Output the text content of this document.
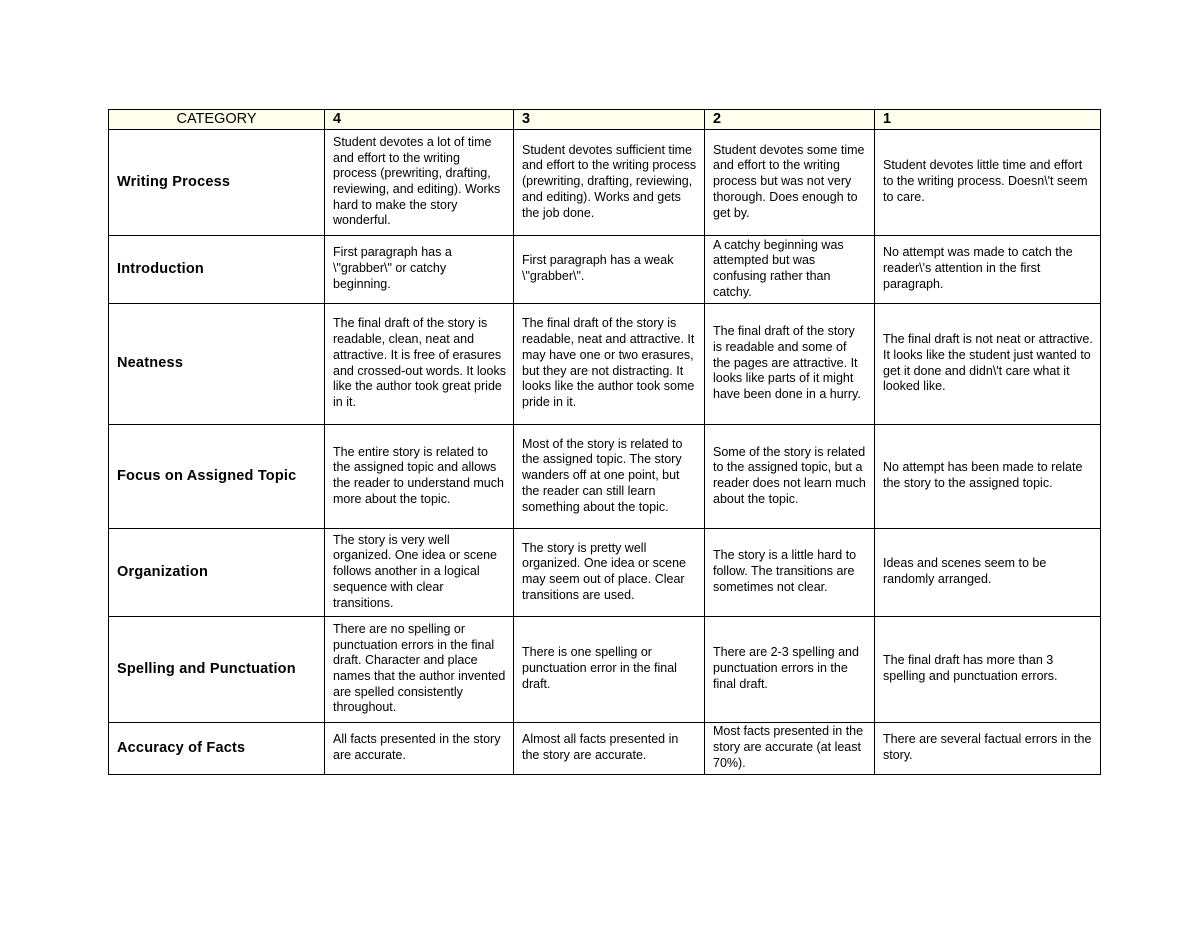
CATEGORY	4	3	2	1
Writing Process	Student devotes a lot of time and effort to the writing process (prewriting, drafting, reviewing, and editing). Works hard to make the story wonderful.	Student devotes sufficient time and effort to the writing process (prewriting, drafting, reviewing, and editing). Works and gets the job done.	Student devotes some time and effort to the writing process but was not very thorough. Does enough to get by.	Student devotes little time and effort to the writing process. Doesn\'t seem to care.
Introduction	First paragraph has a \"grabber\" or catchy beginning.	First paragraph has a weak \"grabber\".	A catchy beginning was attempted but was confusing rather than catchy.	No attempt was made to catch the reader\'s attention in the first paragraph.
Neatness	The final draft of the story is readable, clean, neat and attractive. It is free of erasures and crossed-out words. It looks like the author took great pride in it.	The final draft of the story is readable, neat and attractive. It may have one or two erasures, but they are not distracting. It looks like the author took some pride in it.	The final draft of the story is readable and some of the pages are attractive. It looks like parts of it might have been done in a hurry.	The final draft is not neat or attractive. It looks like the student just wanted to get it done and didn\'t care what it looked like.
Focus on Assigned Topic	The entire story is related to the assigned topic and allows the reader to understand much more about the topic.	Most of the story is related to the assigned topic. The story wanders off at one point, but the reader can still learn something about the topic.	Some of the story is related to the assigned topic, but a reader does not learn much about the topic.	No attempt has been made to relate the story to the assigned topic.
Organization	The story is very well organized. One idea or scene follows another in a logical sequence with clear transitions.	The story is pretty well organized. One idea or scene may seem out of place. Clear transitions are used.	The story is a little hard to follow. The transitions are sometimes not clear.	Ideas and scenes seem to be randomly arranged.
Spelling and Punctuation	There are no spelling or punctuation errors in the final draft. Character and place names that the author invented are spelled consistently throughout.	There is one spelling or punctuation error in the final draft.	There are 2-3 spelling and punctuation errors in the final draft.	The final draft has more than 3 spelling and punctuation errors.
Accuracy of Facts	All facts presented in the story are accurate.	Almost all facts presented in the story are accurate.	Most facts presented in the story are accurate (at least 70%).	There are several factual errors in the story.
